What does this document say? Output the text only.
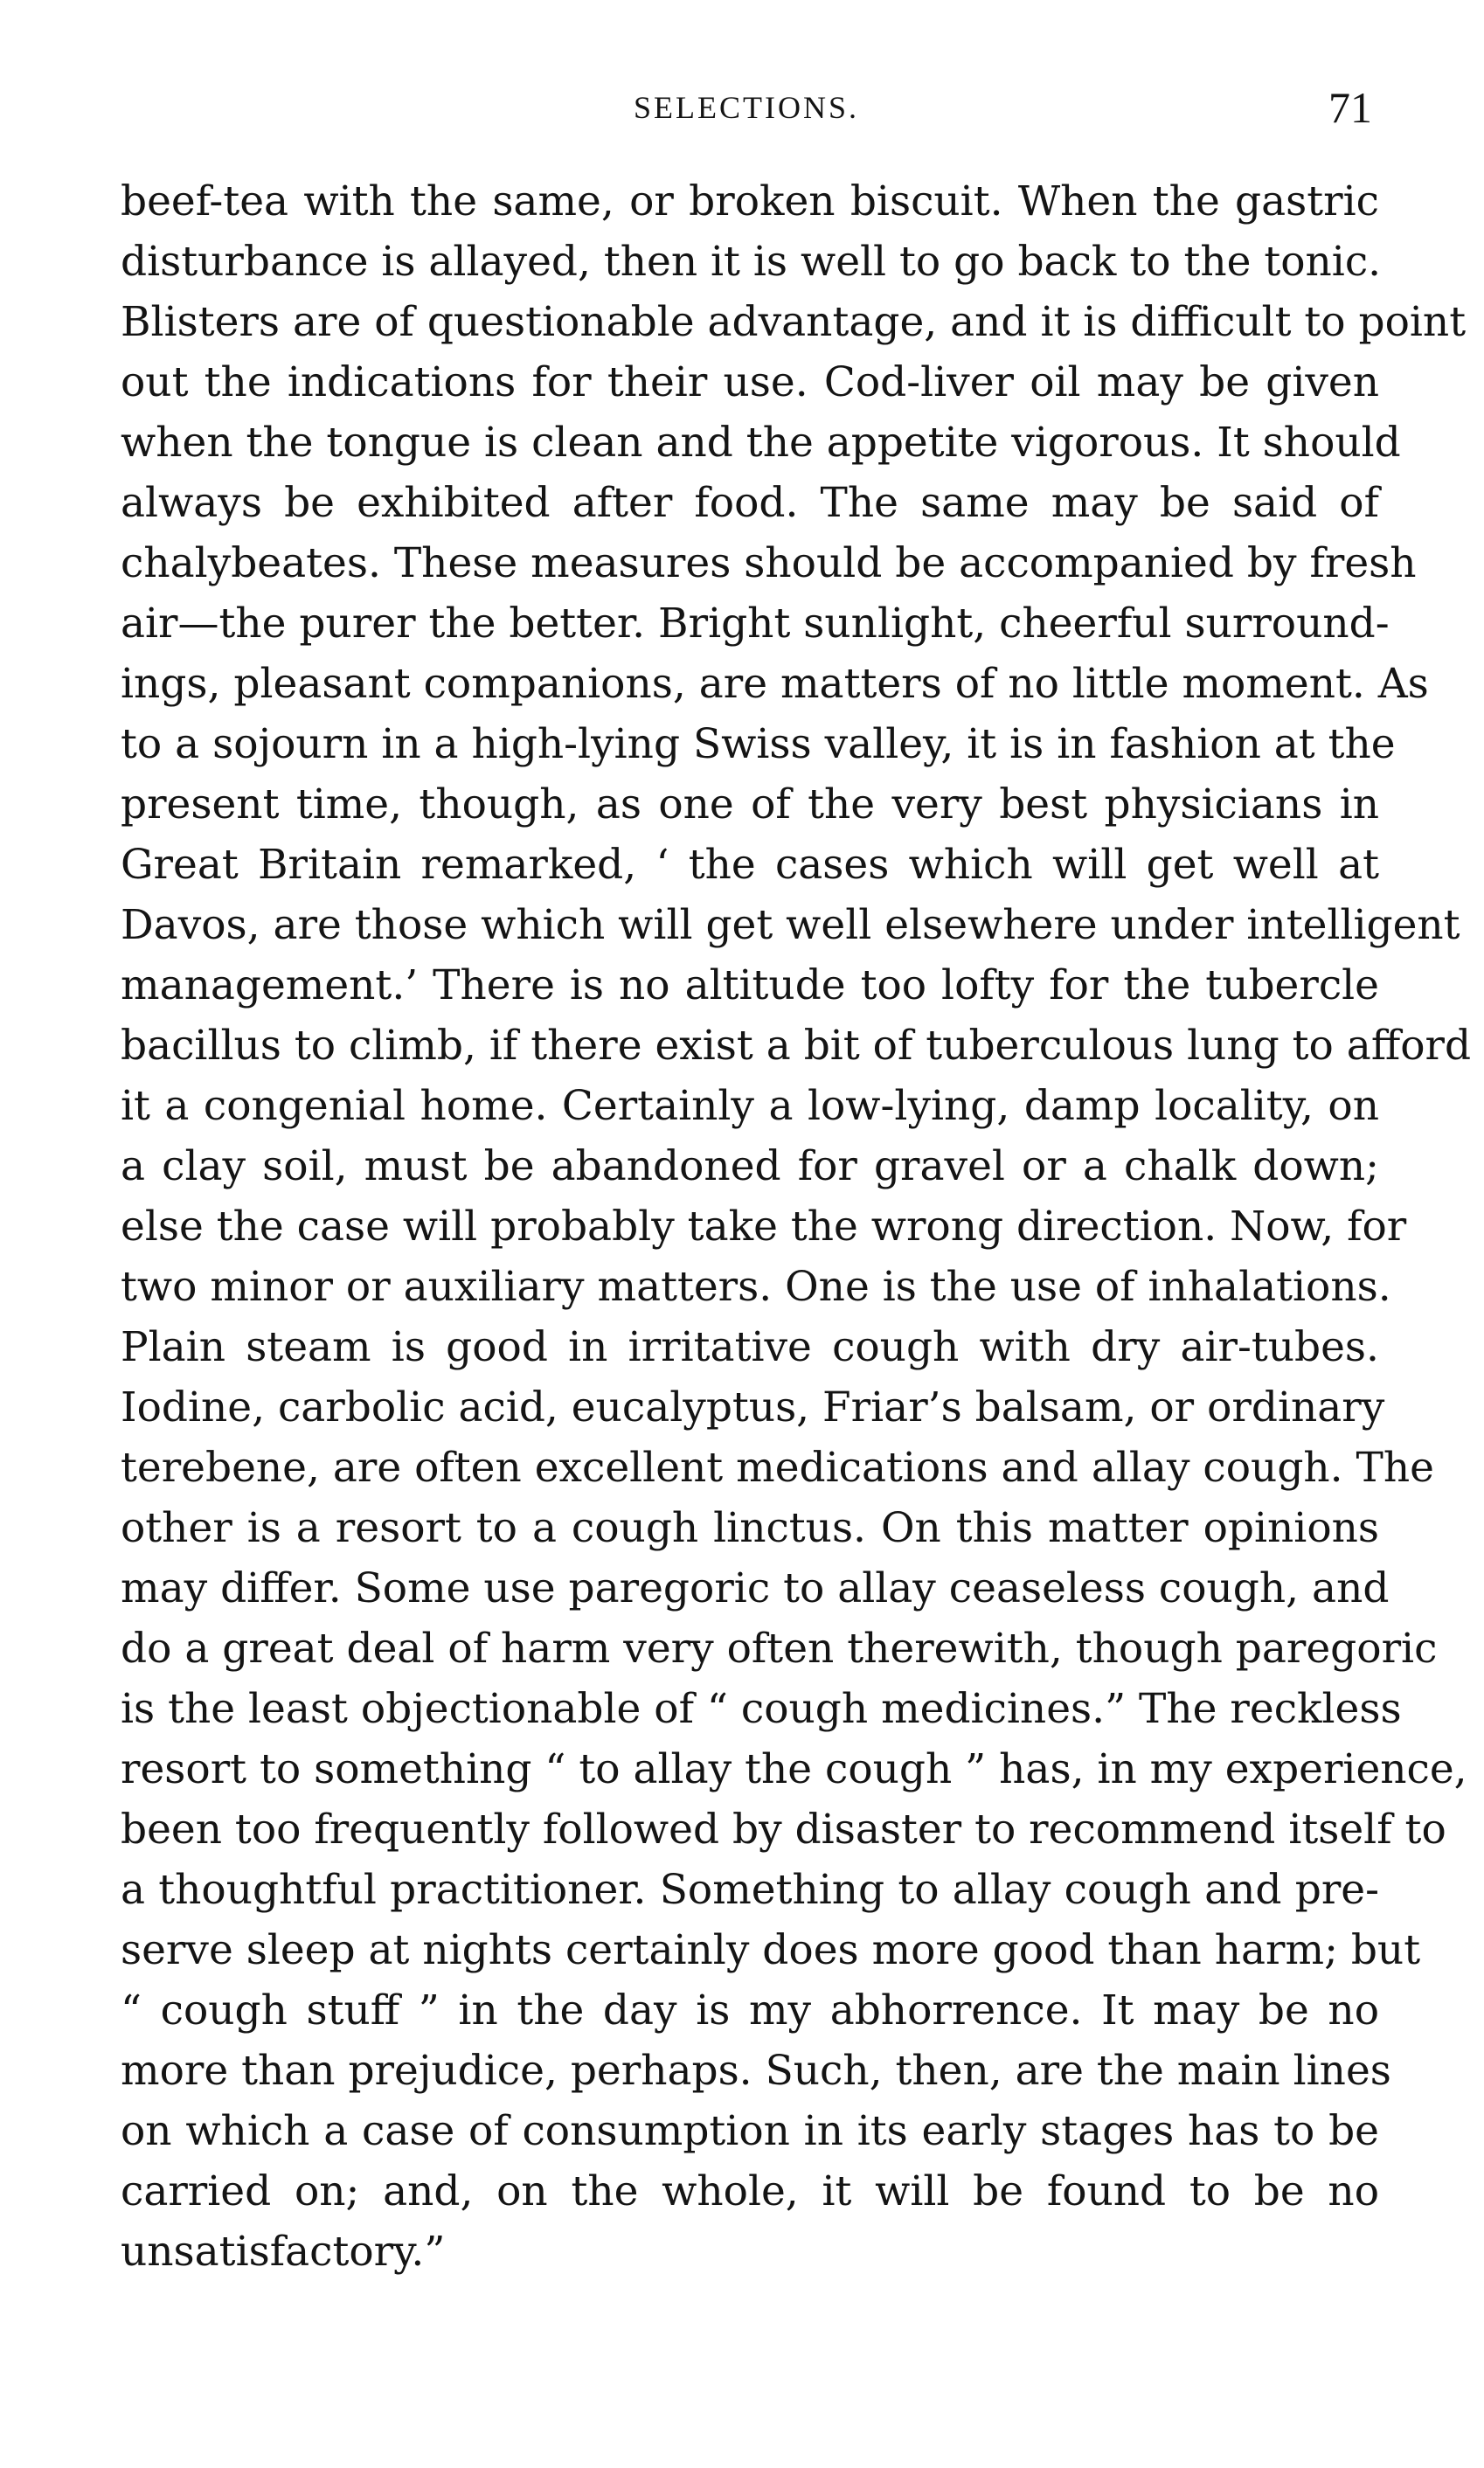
SELECTIONS.	71
beef-tea with the same, or broken biscuit. When the gastric
disturbance is allayed, then it is well to go back to the tonic.
Blisters are of questionable advantage, and it is difficult to point
out the indications for their use. Cod-liver oil may be given
when the tongue is clean and the appetite vigorous. It should
always be exhibited after food. The same may be said of
chalybeates. These measures should be accompanied by fresh
air—the purer the better. Bright sunlight, cheerful surround-
ings, pleasant companions, are matters of no little moment. As
to a sojourn in a high-lying Swiss valley, it is in fashion at the
present time, though, as one of the very best physicians in
Great Britain remarked, ‘ the cases which will get well at
Davos, are those which will get well elsewhere under intelligent
management.’ There is no altitude too lofty for the tubercle
bacillus to climb, if there exist a bit of tuberculous lung to afford
it a congenial home. Certainly a low-lying, damp locality, on
a clay soil, must be abandoned for gravel or a chalk down;
else the case will probably take the wrong direction. Now, for
two minor or auxiliary matters. One is the use of inhalations.
Plain steam is good in irritative cough with dry air-tubes.
Iodine, carbolic acid, eucalyptus, Friar’s balsam, or ordinary
terebene, are often excellent medications and allay cough. The
other is a resort to a cough linctus. On this matter opinions
may differ. Some use paregoric to allay ceaseless cough, and
do a great deal of harm very often therewith, though paregoric
is the least objectionable of “ cough medicines.” The reckless
resort to something “ to allay the cough ” has, in my experience,
been too frequently followed by disaster to recommend itself to
a thoughtful practitioner. Something to allay cough and pre-
serve sleep at nights certainly does more good than harm; but
“ cough stuff ” in the day is my abhorrence. It may be no
more than prejudice, perhaps. Such, then, are the main lines
on which a case of consumption in its early stages has to be
carried on; and, on the whole, it will be found to be no
unsatisfactory.”
